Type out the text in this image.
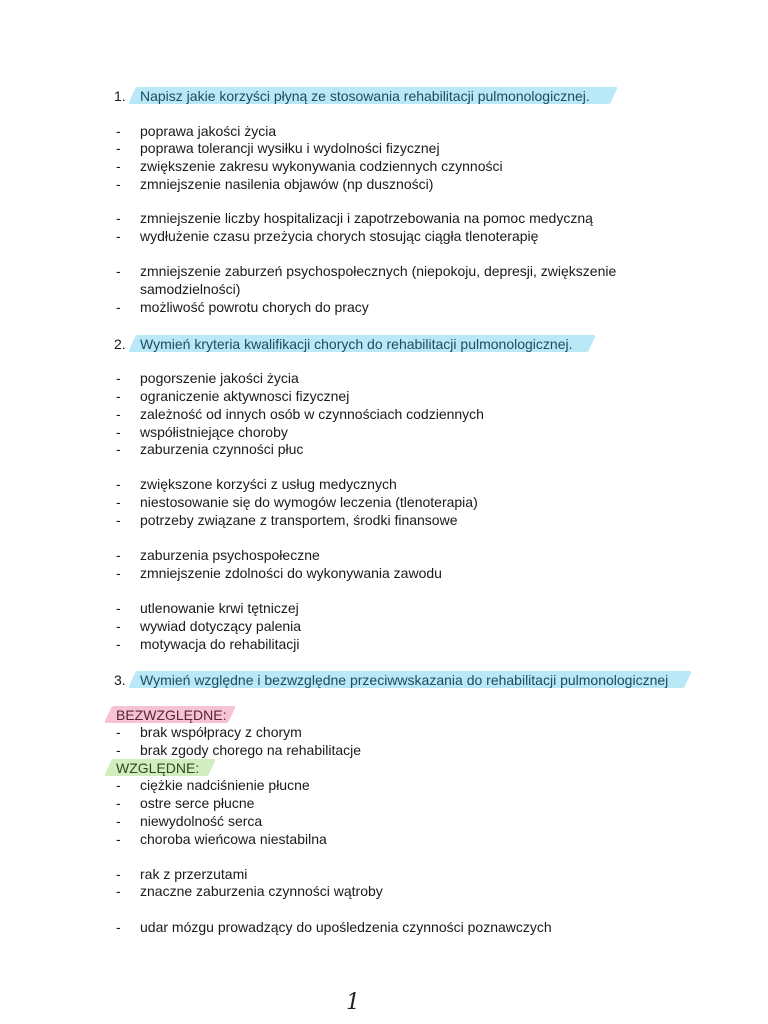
1.	Napisz jakie korzyści płyną ze stosowania rehabilitacji pulmonologicznej.
- poprawa jakości życia
- poprawa tolerancji wysiłku i wydolności fizycznej
- zwiększenie zakresu wykonywania codziennych czynności
- zmniejszenie nasilenia objawów (np duszności)
- zmniejszenie liczby hospitalizacji i zapotrzebowania na pomoc medyczną
- wydłużenie czasu przeżycia chorych stosując ciągła tlenoterapię
- zmniejszenie zaburzeń psychospołecznych (niepokoju, depresji, zwiększenie
samodzielności)
- możliwość powrotu chorych do pracy
2.	Wymień kryteria kwalifikacji chorych do rehabilitacji pulmonologicznej.
- pogorszenie jakości życia
- ograniczenie aktywnosci fizycznej
- zależność od innych osób w czynnościach codziennych
- współistniejące choroby
- zaburzenia czynności płuc
- zwiększone korzyści z usług medycznych
- niestosowanie się do wymogów leczenia (tlenoterapia)
- potrzeby związane z transportem, środki finansowe
- zaburzenia psychospołeczne
- zmniejszenie zdolności do wykonywania zawodu
- utlenowanie krwi tętniczej
- wywiad dotyczący palenia
- motywacja do rehabilitacji
3.	Wymień względne i bezwzględne przeciwwskazania do rehabilitacji pulmonologicznej
BEZWZGLĘDNE:
- brak współpracy z chorym
- brak zgody chorego na rehabilitacje
WZGLĘDNE:
- ciężkie nadciśnienie płucne
- ostre serce płucne
- niewydolność serca
- choroba wieńcowa niestabilna
- rak z przerzutami
- znaczne zaburzenia czynności wątroby
- udar mózgu prowadzący do upośledzenia czynności poznawczych
1
